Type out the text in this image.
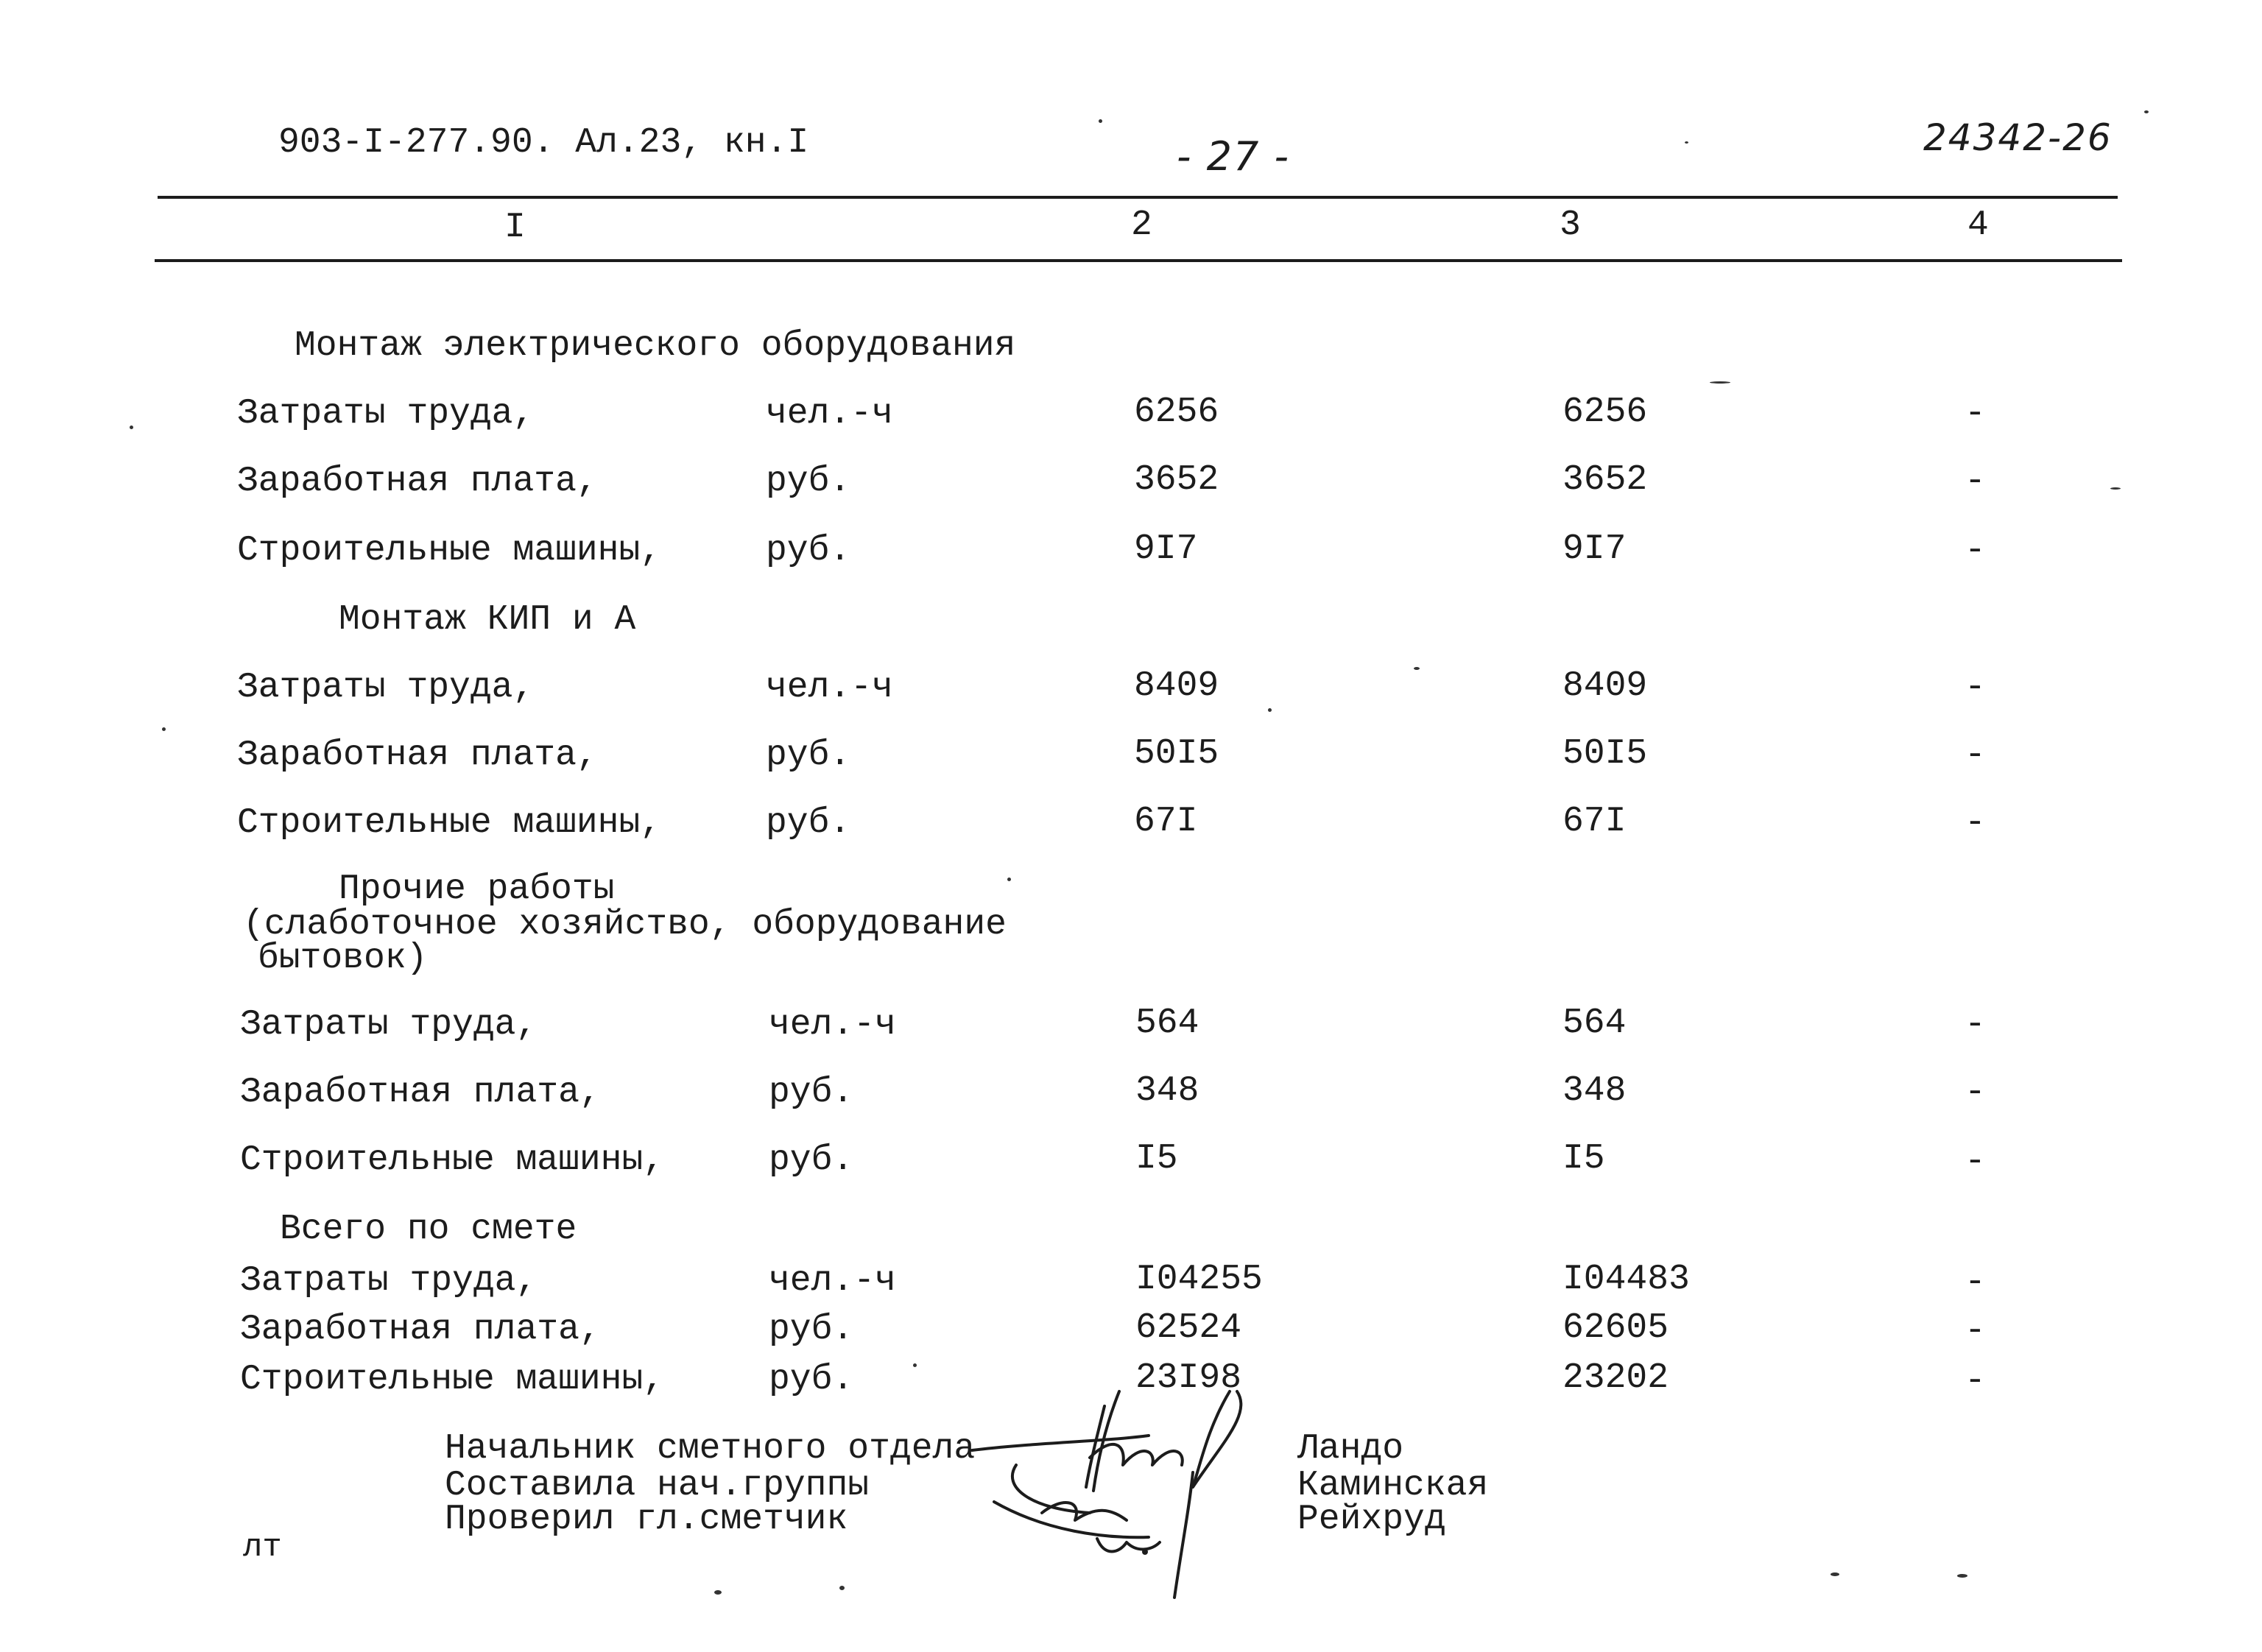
903-I-277.90. Ал.23, кн.I	- 27 -	24342-26
I	2	3	4
Монтаж электрического оборудования
Затраты труда,	чел.-ч	6256	6256	-
Заработная плата,	руб.	3652	3652	-
Строительные машины,	руб.	9I7	9I7	-
Монтаж КИП и А
Затраты труда,	чел.-ч	8409	8409	-
Заработная плата,	руб.	50I5	50I5	-
Строительные машины,	руб.	67I	67I	-
Прочие работы
(слаботочное хозяйство, оборудование
бытовок)
Затраты труда,	чел.-ч	564	564	-
Заработная плата,	руб.	348	348	-
Строительные машины,	руб.	I5	I5	-
Всего по смете
Затраты труда,	чел.-ч	I04255	I04483	-
Заработная плата,	руб.	62524	62605	-
Строительные машины,	руб.	23I98	23202	-
Начальник сметного отдела	Ландо
Составила нач.группы	Каминская
Проверил гл.сметчик	Рейхруд
лт
